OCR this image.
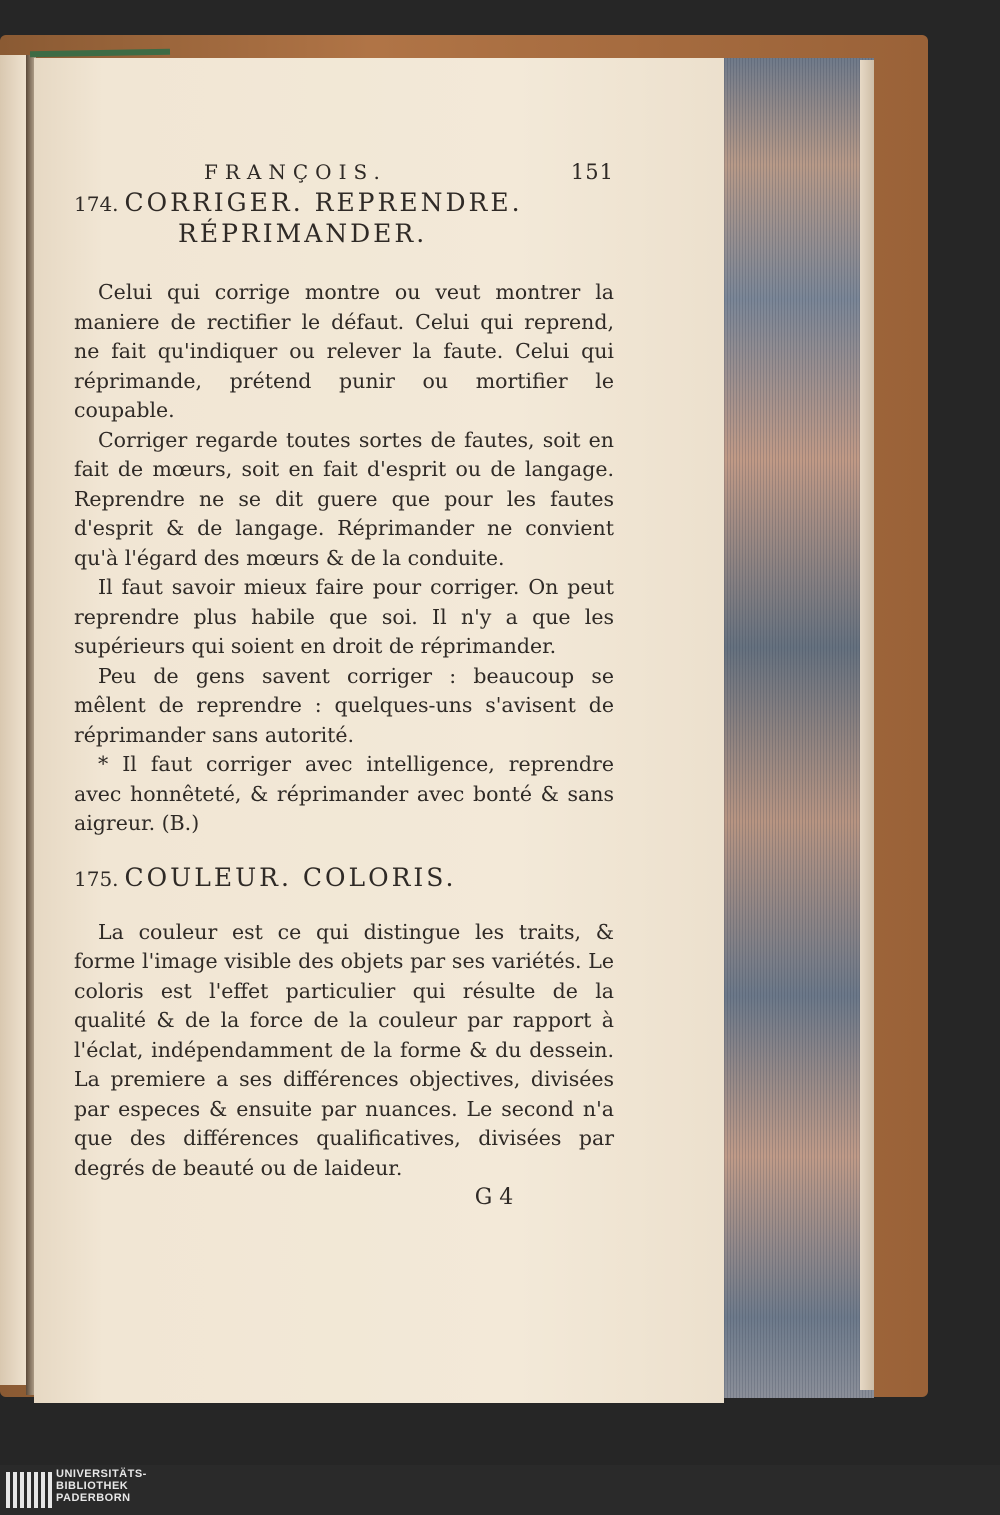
FRANÇOIS.	151
174. CORRIGER. REPRENDRE.
RÉPRIMANDER.

Celui qui corrige montre ou veut montrer la maniere de rectifier le défaut. Celui qui reprend, ne fait qu'indiquer ou relever la faute. Celui qui réprimande, prétend punir ou mortifier le coupable.

Corriger regarde toutes sortes de fautes, soit en fait de mœurs, soit en fait d'esprit ou de langage. Reprendre ne se dit guere que pour les fautes d'esprit & de langage. Réprimander ne convient qu'à l'égard des mœurs & de la conduite.

Il faut savoir mieux faire pour corriger. On peut reprendre plus habile que soi. Il n'y a que les supérieurs qui soient en droit de réprimander.

Peu de gens savent corriger : beaucoup se mêlent de reprendre : quelques-uns s'avisent de réprimander sans autorité.

* Il faut corriger avec intelligence, reprendre avec honnêteté, & réprimander avec bonté & sans aigreur. (B.)

175. COULEUR. COLORIS.

La couleur est ce qui distingue les traits, & forme l'image visible des objets par ses variétés. Le coloris est l'effet particulier qui résulte de la qualité & de la force de la couleur par rapport à l'éclat, indépendamment de la forme & du dessein. La premiere a ses différences objectives, divisées par especes & ensuite par nuances. Le second n'a que des différences qualificatives, divisées par degrés de beauté ou de laideur.

G 4
UNIVERSITÄTS-
BIBLIOTHEK
PADERBORN
